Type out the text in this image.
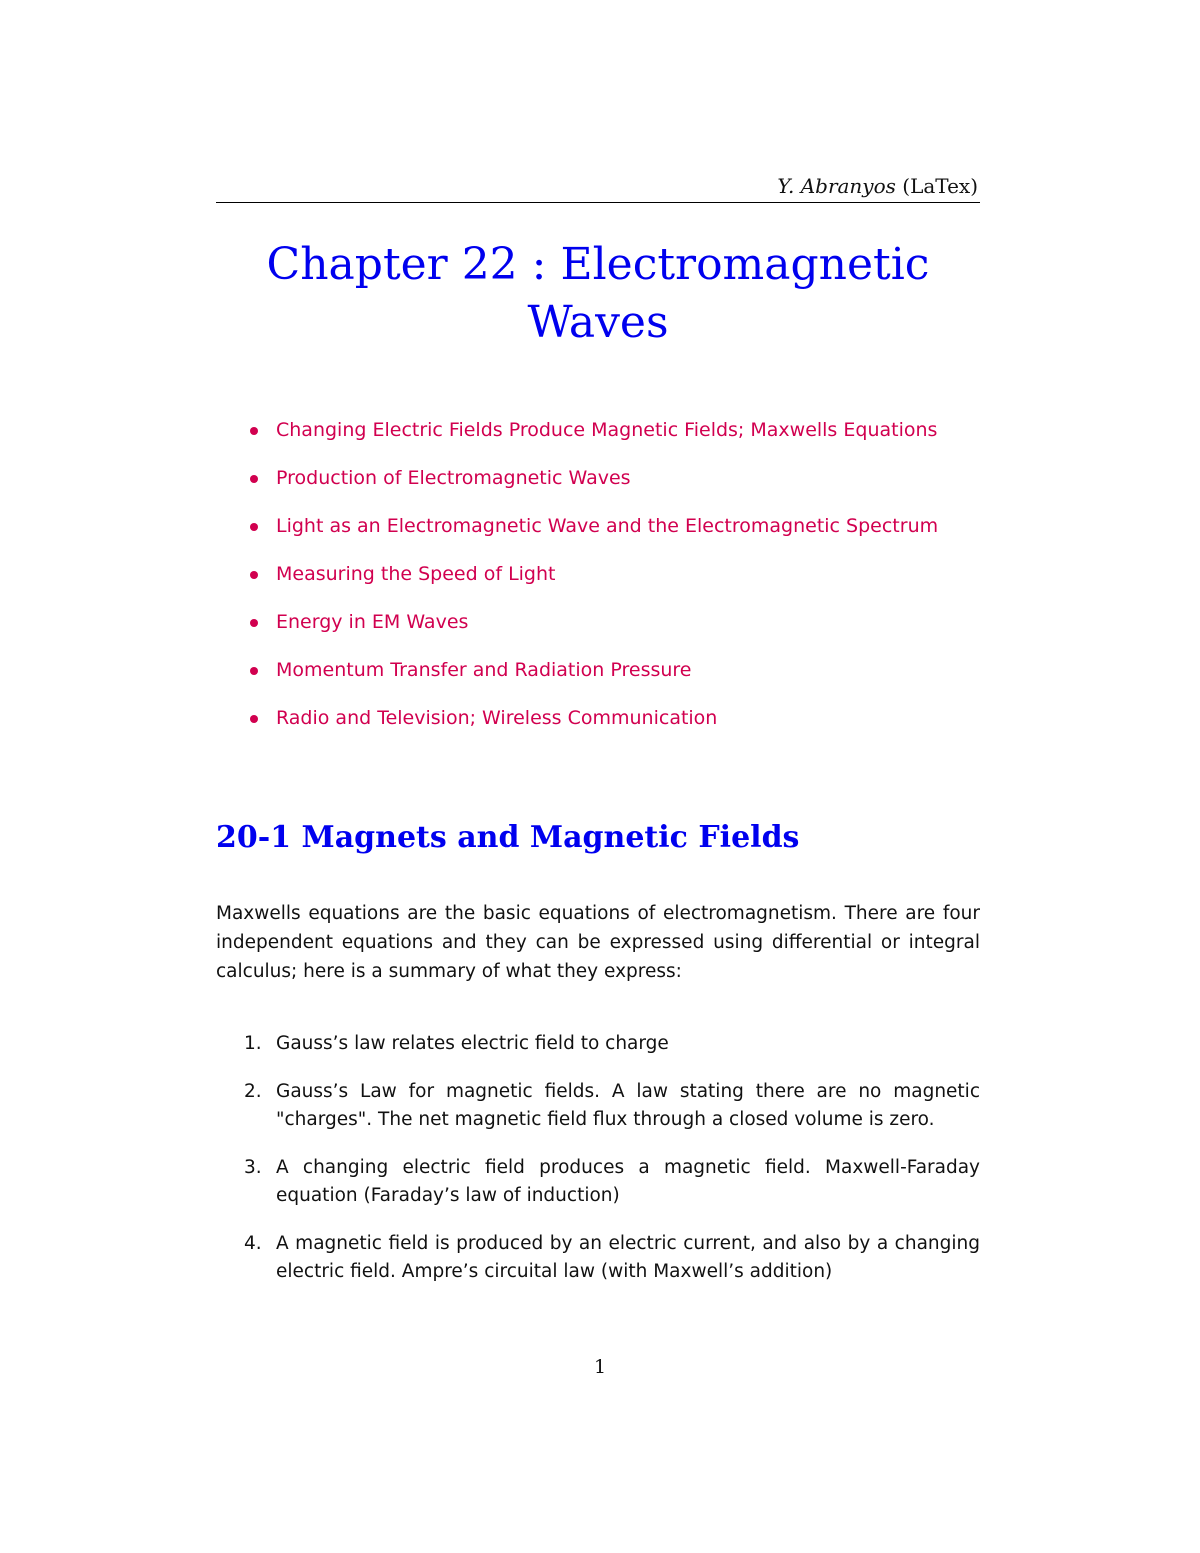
Y. Abranyos (LaTex)
Chapter 22 : Electromagnetic
Waves
Changing Electric Fields Produce Magnetic Fields; Maxwells Equations
Production of Electromagnetic Waves
Light as an Electromagnetic Wave and the Electromagnetic Spectrum
Measuring the Speed of Light
Energy in EM Waves
Momentum Transfer and Radiation Pressure
Radio and Television; Wireless Communication
20-1 Magnets and Magnetic Fields

Maxwells equations are the basic equations of electromagnetism. There are four independent equations and they can be expressed using differential or integral calculus; here is a summary of what they express:

1. Gauss’s law relates electric field to charge
2. Gauss’s Law for magnetic fields. A law stating there are no magnetic "charges". The net magnetic field flux through a closed volume is zero.
3. A changing electric field produces a magnetic field. Maxwell-Faraday equation (Faraday’s law of induction)
4. A magnetic field is produced by an electric current, and also by a changing electric field. Ampre’s circuital law (with Maxwell’s addition)
1
